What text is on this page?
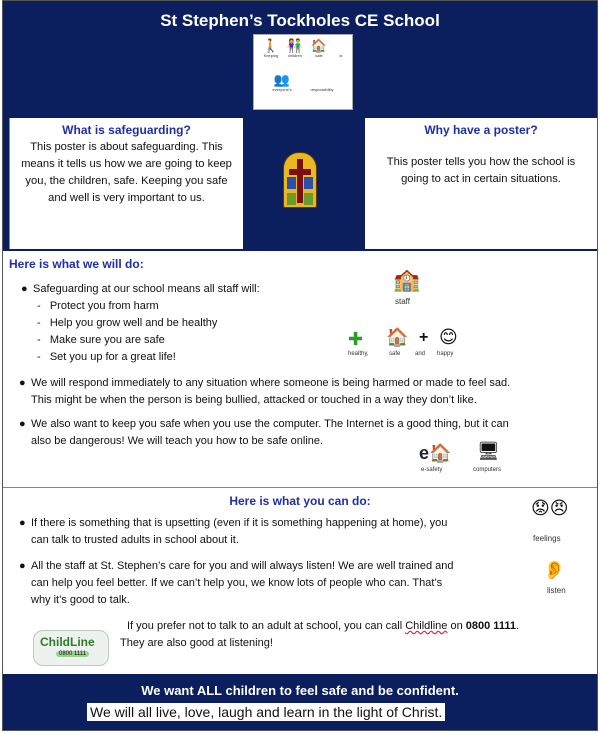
St Stephen’s Tockholes CE School
🚶
Keeping
👫
children
🏠
safe
	is
👥
everyone's
	responsibility
What is safeguarding?
This poster is about safeguarding. This means it tells us how we are going to keep you, the children, safe. Keeping you safe and well is very important to us.
Why have a poster?
This poster tells you how the school is going to act in certain situations.
Here is what we will do:
● Safeguarding at our school means all staff will:
-   Protect you from harm
-   Help you grow well and be healthy
-   Make sure you are safe
-   Set you up for a great life!
🏫
staff
✚ 🏠 + 😊
healthy,	safe and happy
● We will respond immediately to any situation where someone is being harmed or made to feel sad.
This might be when the person is being bullied, attacked or touched in a way they don’t like.
● We also want to keep you safe when you use the computer. The Internet is a good thing, but it can
also be dangerous! We will teach you how to be safe online.
e🏠 🖥
e-safety	computers
Here is what you can do:
● If there is something that is upsetting (even if it is something happening at home), you
can talk to trusted adults in school about it.
😟😠
feelings
● All the staff at St. Stephen’s care for you and will always listen! We are well trained and
can help you feel better. If we can’t help you, we know lots of people who can. That’s
why it’s good to talk.
👂
listen
If you prefer not to talk to an adult at school, you can call Childline on 0800 1111.
They are also good at listening!
ChildLine
0800 1111
We want ALL children to feel safe and be confident.
We will all live, love, laugh and learn in the light of Christ.
